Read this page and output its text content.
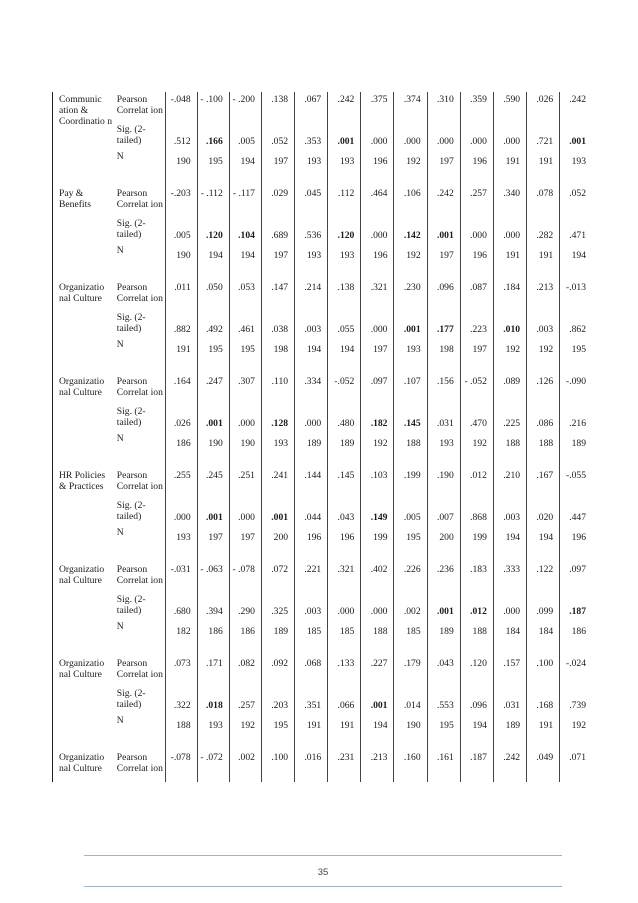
Communic ation & Coordinatio n	Pearson Correlat ion	-.048	- .100	- .200	.138	.067	.242	.375	.374	.310	.359	.590	.026	.242
	Sig. (2- tailed)	.512	.166	.005	.052	.353	.001	.000	.000	.000	.000	.000	.721	.001
	N	190	195	194	197	193	193	196	192	197	196	191	191	193

Pay & Benefits	Pearson Correlat ion	-.203	- .112	- .117	.029	.045	.112	.464	.106	.242	.257	.340	.078	.052
	Sig. (2- tailed)	.005	.120	.104	.689	.536	.120	.000	.142	.001	.000	.000	.282	.471
	N	190	194	194	197	193	193	196	192	197	196	191	191	194

Organizatio nal Culture	Pearson Correlat ion	.011	.050	.053	.147	.214	.138	.321	.230	.096	.087	.184	.213	-.013
	Sig. (2- tailed)	.882	.492	.461	.038	.003	.055	.000	.001	.177	.223	.010	.003	.862
	N	191	195	195	198	194	194	197	193	198	197	192	192	195

Organizatio nal Culture	Pearson Correlat ion	.164	.247	.307	.110	.334	-.052	.097	.107	.156	- .052	.089	.126	-.090
	Sig. (2- tailed)	.026	.001	.000	.128	.000	.480	.182	.145	.031	.470	.225	.086	.216
	N	186	190	190	193	189	189	192	188	193	192	188	188	189

HR Policies & Practices	Pearson Correlat ion	.255	.245	.251	.241	.144	.145	.103	.199	.190	.012	.210	.167	-.055
	Sig. (2- tailed)	.000	.001	.000	.001	.044	.043	.149	.005	.007	.868	.003	.020	.447
	N	193	197	197	200	196	196	199	195	200	199	194	194	196

Organizatio nal Culture	Pearson Correlat ion	-.031	- .063	- .078	.072	.221	.321	.402	.226	.236	.183	.333	.122	.097
	Sig. (2- tailed)	.680	.394	.290	.325	.003	.000	.000	.002	.001	.012	.000	.099	.187
	N	182	186	186	189	185	185	188	185	189	188	184	184	186

Organizatio nal Culture	Pearson Correlat ion	.073	.171	.082	.092	.068	.133	.227	.179	.043	.120	.157	.100	-.024
	Sig. (2- tailed)	.322	.018	.257	.203	.351	.066	.001	.014	.553	.096	.031	.168	.739
	N	188	193	192	195	191	191	194	190	195	194	189	191	192

Organizatio nal Culture	Pearson Correlat ion	-.078	- .072	.002	.100	.016	.231	.213	.160	.161	.187	.242	.049	.071
35
